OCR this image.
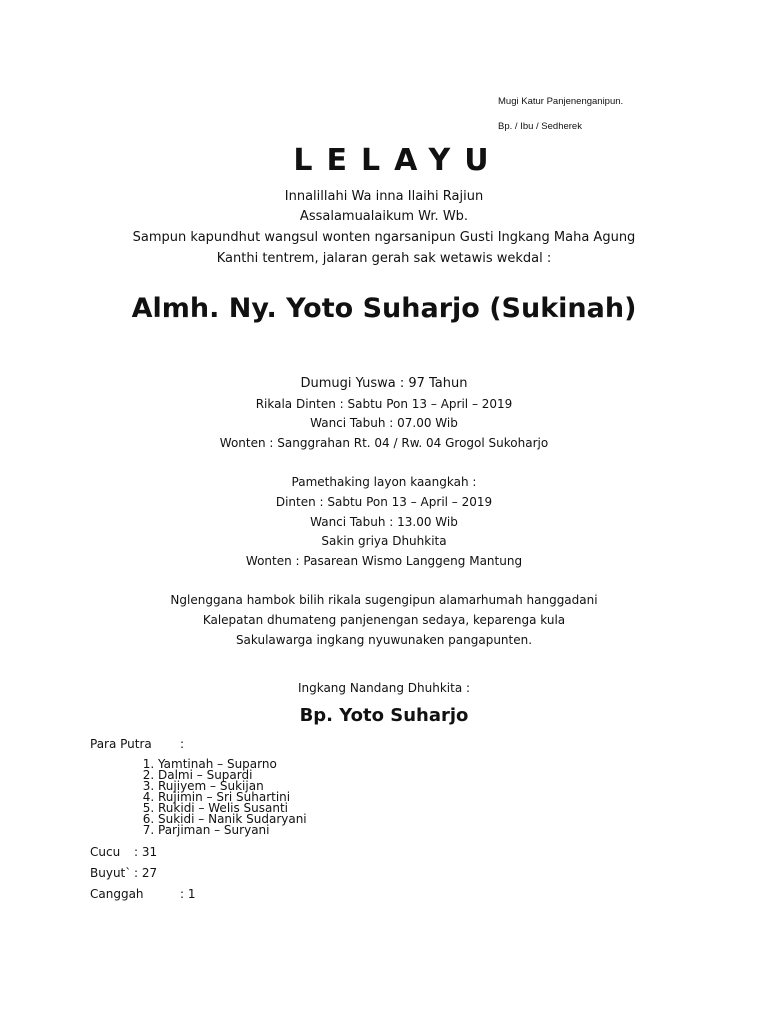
Mugi Katur Panjenenganipun.
Bp. / Ibu / Sedherek
LELAYU
Innalillahi Wa inna Ilaihi Rajiun
Assalamualaikum Wr. Wb.
Sampun kapundhut wangsul wonten ngarsanipun Gusti Ingkang Maha Agung
Kanthi tentrem, jalaran gerah sak wetawis wekdal :
Almh. Ny. Yoto Suharjo (Sukinah)
Dumugi Yuswa : 97 Tahun
Rikala Dinten : Sabtu Pon 13 – April – 2019
Wanci Tabuh : 07.00 Wib
Wonten : Sanggrahan Rt. 04 / Rw. 04 Grogol Sukoharjo
Pamethaking layon kaangkah :
Dinten : Sabtu Pon 13 – April – 2019
Wanci Tabuh : 13.00 Wib
Sakin griya Dhuhkita
Wonten : Pasarean Wismo Langgeng Mantung
Nglenggana hambok bilih rikala sugengipun alamarhumah hanggadani
Kalepatan dhumateng panjenengan sedaya, keparenga kula
Sakulawarga ingkang nyuwunaken pangapunten.
Ingkang Nandang Dhuhkita :
Bp. Yoto Suharjo
Para Putra :
1. Yamtinah – Suparno
2. Dalmi – Supardi
3. Rujiyem – Sukijan
4. Rujimin – Sri Suhartini
5. Rukidi – Welis Susanti
6. Sukidi – Nanik Sudaryani
7. Parjiman – Suryani
Cucu : 31
Buyut` : 27
Canggah	: 1
